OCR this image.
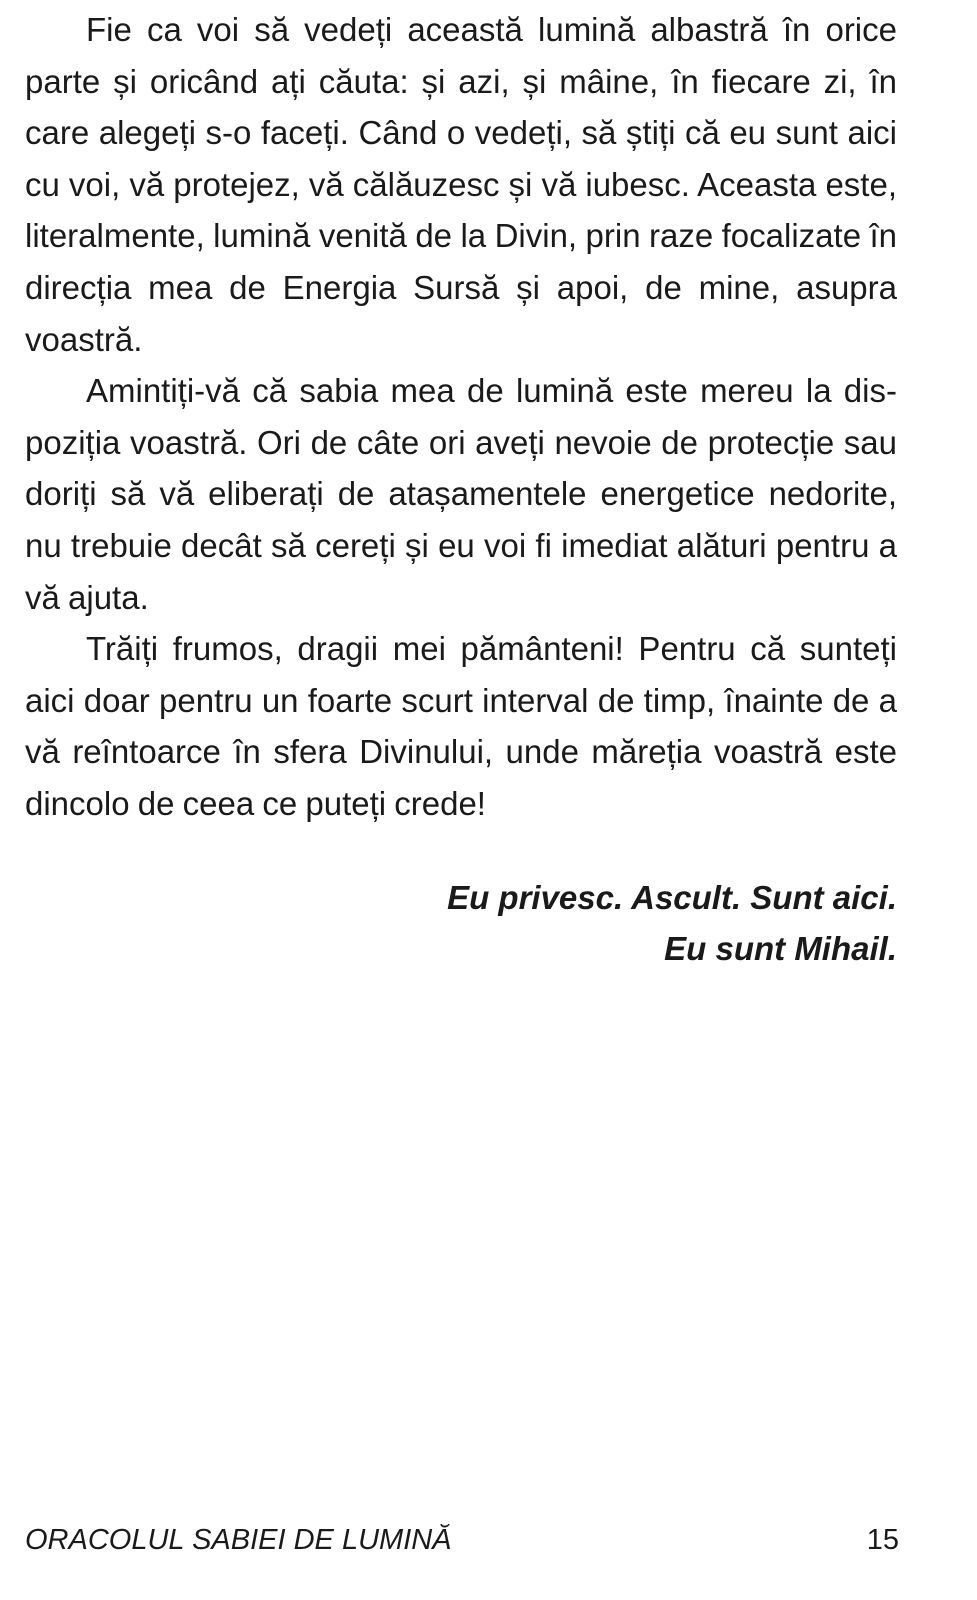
Fie ca voi să vedeți această lumină albastră în orice parte și oricând ați căuta: și azi, și mâine, în fiecare zi, în care alegeți s-o faceți. Când o vedeți, să știți că eu sunt aici cu voi, vă protejez, vă călăuzesc și vă iubesc. Aceasta este, literalmente, lumină venită de la Divin, prin raze focalizate în direcția mea de Energia Sursă și apoi, de mine, asupra voastră.

Amintiți-vă că sabia mea de lumină este mereu la dispoziția voastră. Ori de câte ori aveți nevoie de protecție sau doriți să vă eliberați de atașamentele energetice nedorite, nu trebuie decât să cereți și eu voi fi imediat alături pentru a vă ajuta.

Trăiți frumos, dragii mei pământeni! Pentru că sunteți aici doar pentru un foarte scurt interval de timp, înainte de a vă reîntoarce în sfera Divinului, unde măreția voastră este dincolo de ceea ce puteți crede!

Eu privesc. Ascult. Sunt aici.
Eu sunt Mihail.
ORACOLUL SABIEI DE LUMINĂ	15
